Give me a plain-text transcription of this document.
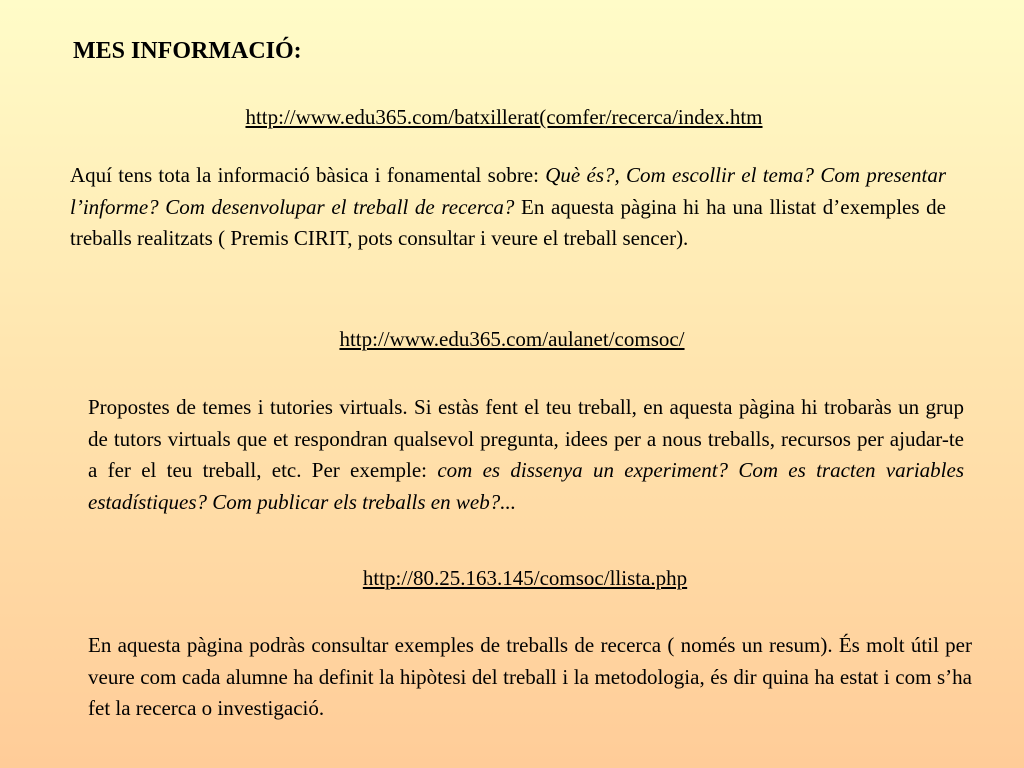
MES INFORMACIÓ:
http://www.edu365.com/batxillerat(comfer/recerca/index.htm

Aquí tens tota la informació bàsica i fonamental sobre: Què és?, Com escollir el tema? Com presentar l’informe? Com desenvolupar el treball de recerca? En aquesta pàgina hi ha una llistat d’exemples de treballs realitzats ( Premis CIRIT, pots consultar i veure el treball sencer).

http://www.edu365.com/aulanet/comsoc/

Propostes de temes i tutories virtuals. Si estàs fent el teu treball, en aquesta pàgina hi trobaràs un grup de tutors virtuals que et respondran qualsevol pregunta, idees per a nous treballs, recursos per ajudar-te a fer el teu treball, etc. Per exemple: com es dissenya un experiment? Com es tracten variables estadístiques? Com publicar els treballs en web?...

http://80.25.163.145/comsoc/llista.php

En aquesta pàgina podràs consultar exemples de treballs de recerca ( només un resum). És molt útil per veure com cada alumne ha definit la hipòtesi del treball i la metodologia, és dir quina ha estat i com s’ha fet la recerca o investigació.
